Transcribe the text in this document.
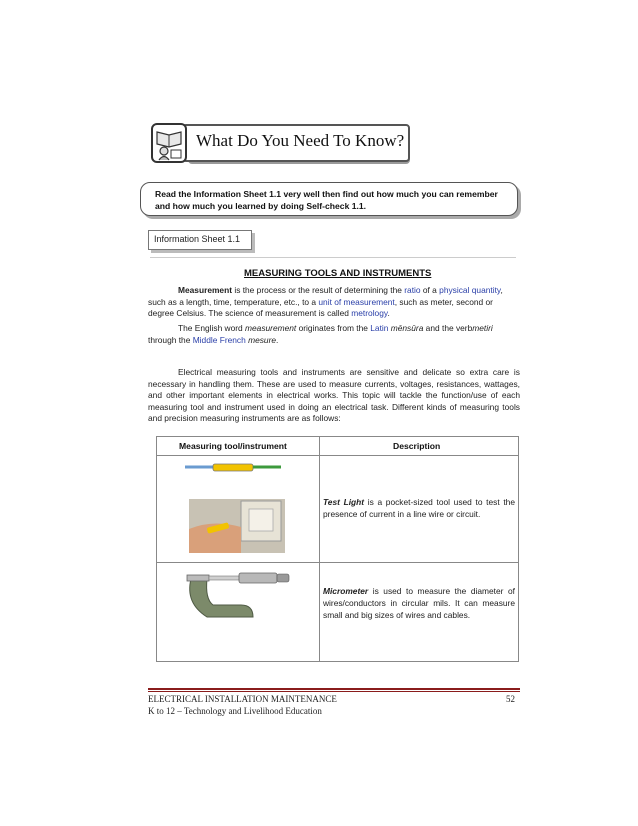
What Do You Need To Know?

Read the Information Sheet 1.1 very well then find out how much you can remember and how much you learned by doing Self-check 1.1.

Information Sheet 1.1
MEASURING TOOLS AND INSTRUMENTS
Measurement is the process or the result of determining the ratio of a physical quantity, such as a length, time, temperature, etc., to a unit of measurement, such as meter, second or degree Celsius. The science of measurement is called metrology.
The English word measurement originates from the Latin mēnsūra and the verbmetiri through the Middle French mesure.
Electrical measuring tools and instruments are sensitive and delicate so extra care is necessary in handling them. These are used to measure currents, voltages, resistances, wattages, and other important elements in electrical works. This topic will tackle the function/use of each measuring tool and instrument used in doing an electrical task. Different kinds of measuring tools and precision measuring instruments are as follows:
Measuring tool/instrument	Description
Test Light is a pocket-sized tool used to test the presence of current in a line wire or circuit.
Micrometer is used to measure the diameter of wires/conductors in circular mils. It can measure small and big sizes of wires and cables.
ELECTRICAL INSTALLATION MAINTENANCE
K to 12 – Technology and Livelihood Education
52
